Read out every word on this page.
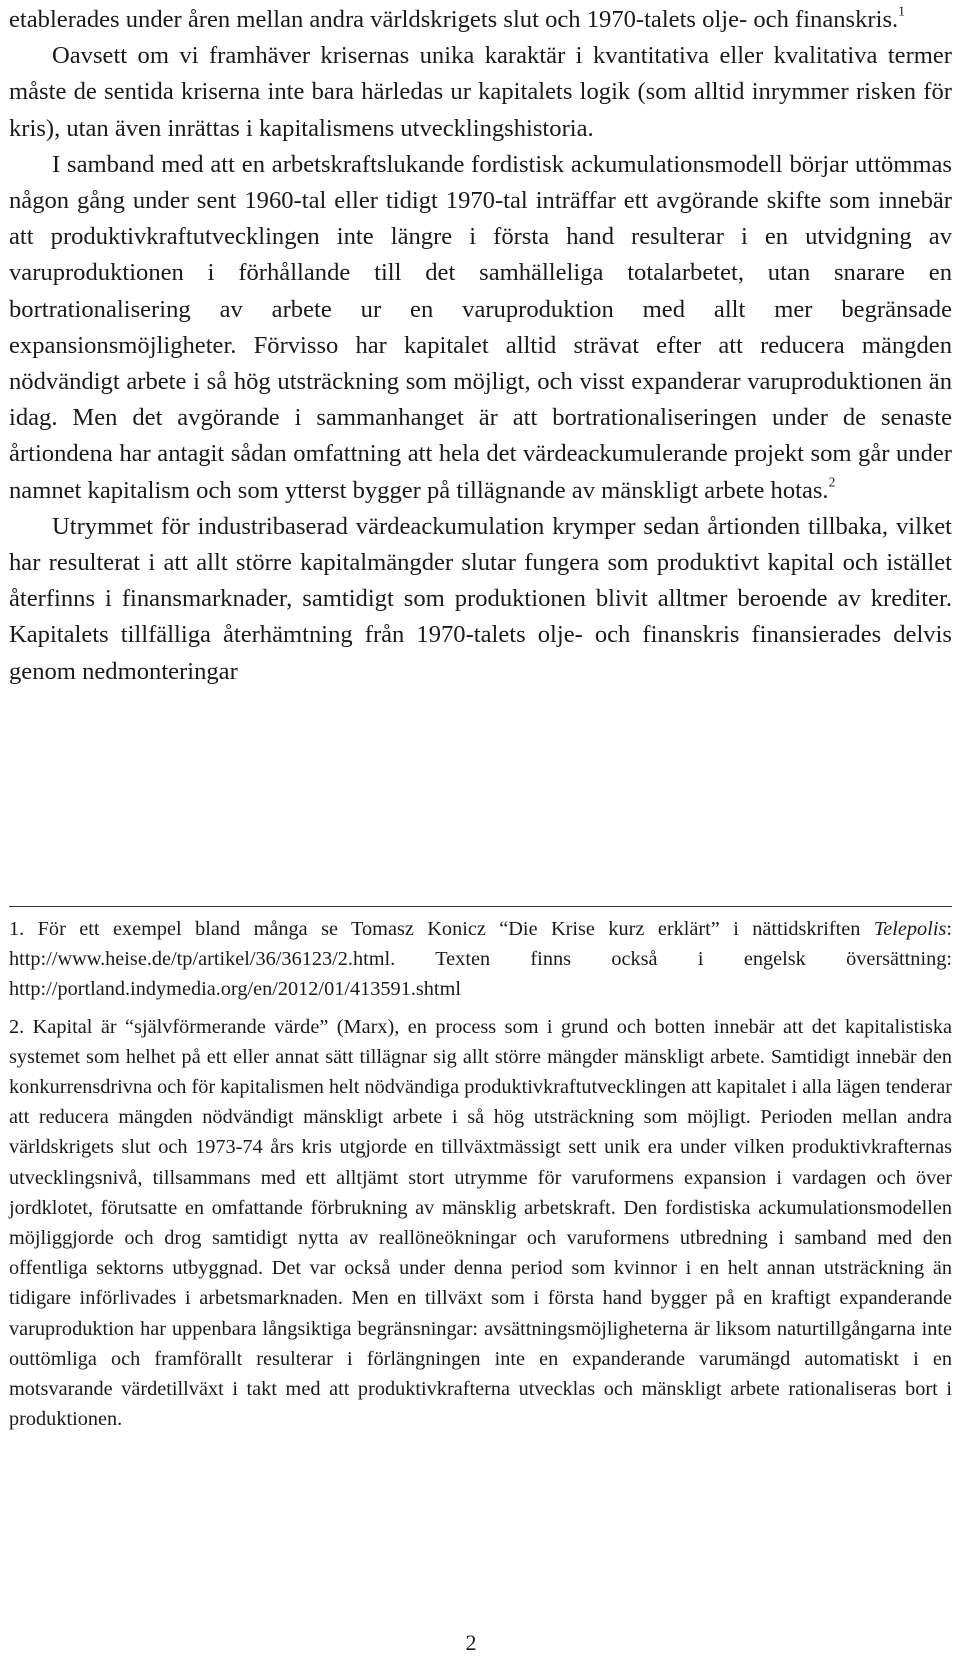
etablerades under åren mellan andra världskrigets slut och 1970-talets olje- och finanskris.$^1$

Oavsett om vi framhäver krisernas unika karaktär i kvantitativa eller kvalitativa termer måste de sentida kriserna inte bara härledas ur kapitalets logik (som alltid inrymmer risken för kris), utan även inrättas i kapitalismens utvecklingshistoria.

I samband med att en arbetskraftslukande fordistisk ackumulationsmodell börjar uttömmas någon gång under sent 1960-tal eller tidigt 1970-tal inträffar ett avgörande skifte som innebär att produktivkraftutvecklingen inte längre i första hand resulterar i en utvidgning av varuproduktionen i förhållande till det samhälleliga totalarbetet, utan snarare en bortrationalisering av arbete ur en varuproduktion med allt mer begränsade expansionsmöjligheter. Förvisso har kapitalet alltid strävat efter att reducera mängden nödvändigt arbete i så hög utsträckning som möjligt, och visst expanderar varuproduktionen än idag. Men det avgörande i sammanhanget är att bortrationaliseringen under de senaste årtiondena har antagit sådan omfattning att hela det värdeackumulerande projekt som går under namnet kapitalism och som ytterst bygger på tillägnande av mänskligt arbete hotas.$^2$

Utrymmet för industribaserad värdeackumulation krymper sedan årtionden tillbaka, vilket har resulterat i att allt större kapitalmängder slutar fungera som produktivt kapital och istället återfinns i finansmarknader, samtidigt som produktionen blivit alltmer beroende av krediter. Kapitalets tillfälliga återhämtning från 1970-talets olje- och finanskris finansierades delvis genom nedmonteringar

1. För ett exempel bland många se Tomasz Konicz “Die Krise kurz erklärt” i nättidskriften Telepolis: http://www.heise.de/tp/artikel/36/36123/2.html. Texten finns också i engelsk översättning: http://portland.indymedia.org/en/2012/01/413591.shtml

2. Kapital är “självförmerande värde” (Marx), en process som i grund och botten innebär att det kapitalistiska systemet som helhet på ett eller annat sätt tillägnar sig allt större mängder mänskligt arbete. Samtidigt innebär den konkurrensdrivna och för kapitalismen helt nödvändiga produktivkraftutvecklingen att kapitalet i alla lägen tenderar att reducera mängden nödvändigt mänskligt arbete i så hög utsträckning som möjligt. Perioden mellan andra världskrigets slut och 1973-74 års kris utgjorde en tillväxtmässigt sett unik era under vilken produktivkrafternas utvecklingsnivå, tillsammans med ett alltjämt stort utrymme för varuformens expansion i vardagen och över jordklotet, förutsatte en omfattande förbrukning av mänsklig arbetskraft. Den fordistiska ackumulationsmodellen möjliggjorde och drog samtidigt nytta av reallöneökningar och varuformens utbredning i samband med den offentliga sektorns utbyggnad. Det var också under denna period som kvinnor i en helt annan utsträckning än tidigare införlivades i arbetsmarknaden. Men en tillväxt som i första hand bygger på en kraftigt expanderande varuproduktion har uppenbara långsiktiga begränsningar: avsättningsmöjligheterna är liksom naturtillgångarna inte outtömliga och framförallt resulterar i förlängningen inte en expanderande varumängd automatiskt i en motsvarande värdetillväxt i takt med att produktivkrafterna utvecklas och mänskligt arbete rationaliseras bort i produktionen.

2
